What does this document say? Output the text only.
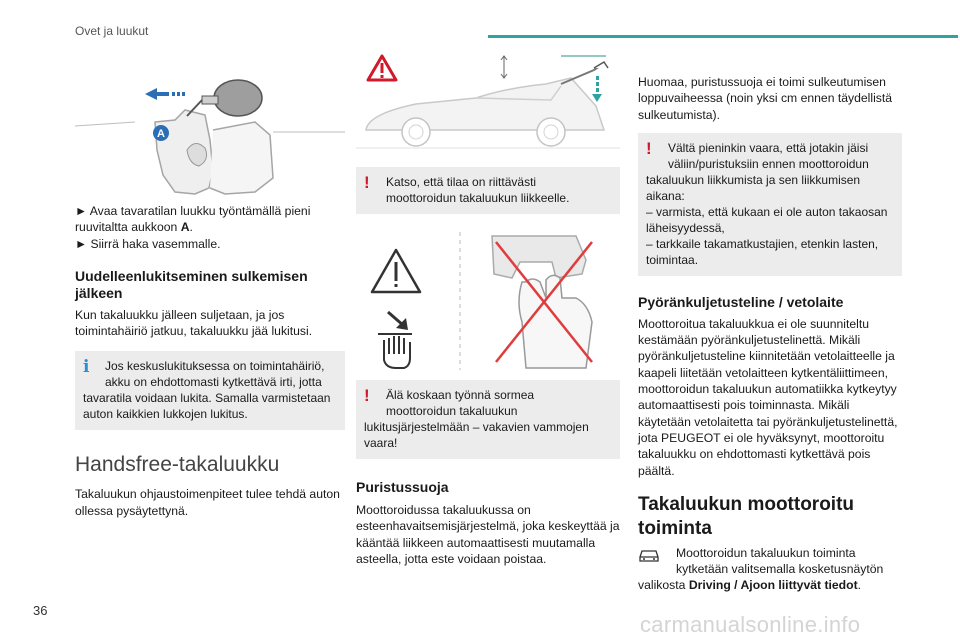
Ovet ja luukut
A

► Avaa tavaratilan luukku työntämällä pieni ruuvitaltta aukkoon A.

► Siirrä haka vasemmalle.

Uudelleenlukitseminen sulkemisen jälkeen

Kun takaluukku jälleen suljetaan, ja jos toimintahäiriö jatkuu, takaluukku jää lukitusi.

i	Jos keskuslukituksessa on toimintahäiriö,

akku on ehdottomasti kytkettävä irti, jotta tavaratila voidaan lukita. Samalla varmistetaan auton kaikkien lukkojen lukitus.

Handsfree-takaluukku

Takaluukun ohjaustoimenpiteet tulee tehdä auton ollessa pysäytettynä.

!	Katso, että tilaa on riittävästi

moottoroidun takaluukun liikkeelle.

!	Älä koskaan työnnä sormea

moottoroidun takaluukun

lukitusjärjestelmään – vakavien vammojen vaara!

Puristussuoja

Moottoroidussa takaluukussa on esteenhavaitsemisjärjestelmä, joka keskeyttää ja kääntää liikkeen automaattisesti muutamalla asteella, jotta este voidaan poistaa.

Huomaa, puristussuoja ei toimi sulkeutumisen loppuvaiheessa (noin yksi cm ennen täydellistä sulkeutumista).

!	Vältä pieninkin vaara, että jotakin jäisi

väliin/puristuksiin ennen moottoroidun

takaluukun liikkumista ja sen liikkumisen aikana:

– varmista, että kukaan ei ole auton takaosan läheisyydessä,

– tarkkaile takamatkustajien, etenkin lasten, toimintaa.

Pyöränkuljetusteline / vetolaite

Moottoroitua takaluukkua ei ole suunniteltu kestämään pyöränkuljetustelinettä. Mikäli pyöränkuljetusteline kiinnitetään vetolaitteelle ja kaapeli liitetään vetolaitteen kytkentäliittimeen, moottoroidun takaluukun automatiikka kytkeytyy automaattisesti pois toiminnasta. Mikäli käytetään vetolaitetta tai pyöränkuljetustelinettä, jota PEUGEOT ei ole hyväksynyt, moottoroitu takaluukku on ehdottomasti kytkettävä pois päältä.

Takaluukun moottoroitu toiminta

Moottoroidun takaluukun toiminta

kytketään valitsemalla kosketusnäytön

valikosta Driving / Ajoon liittyvät tiedot.

36
carmanualsonline.info
